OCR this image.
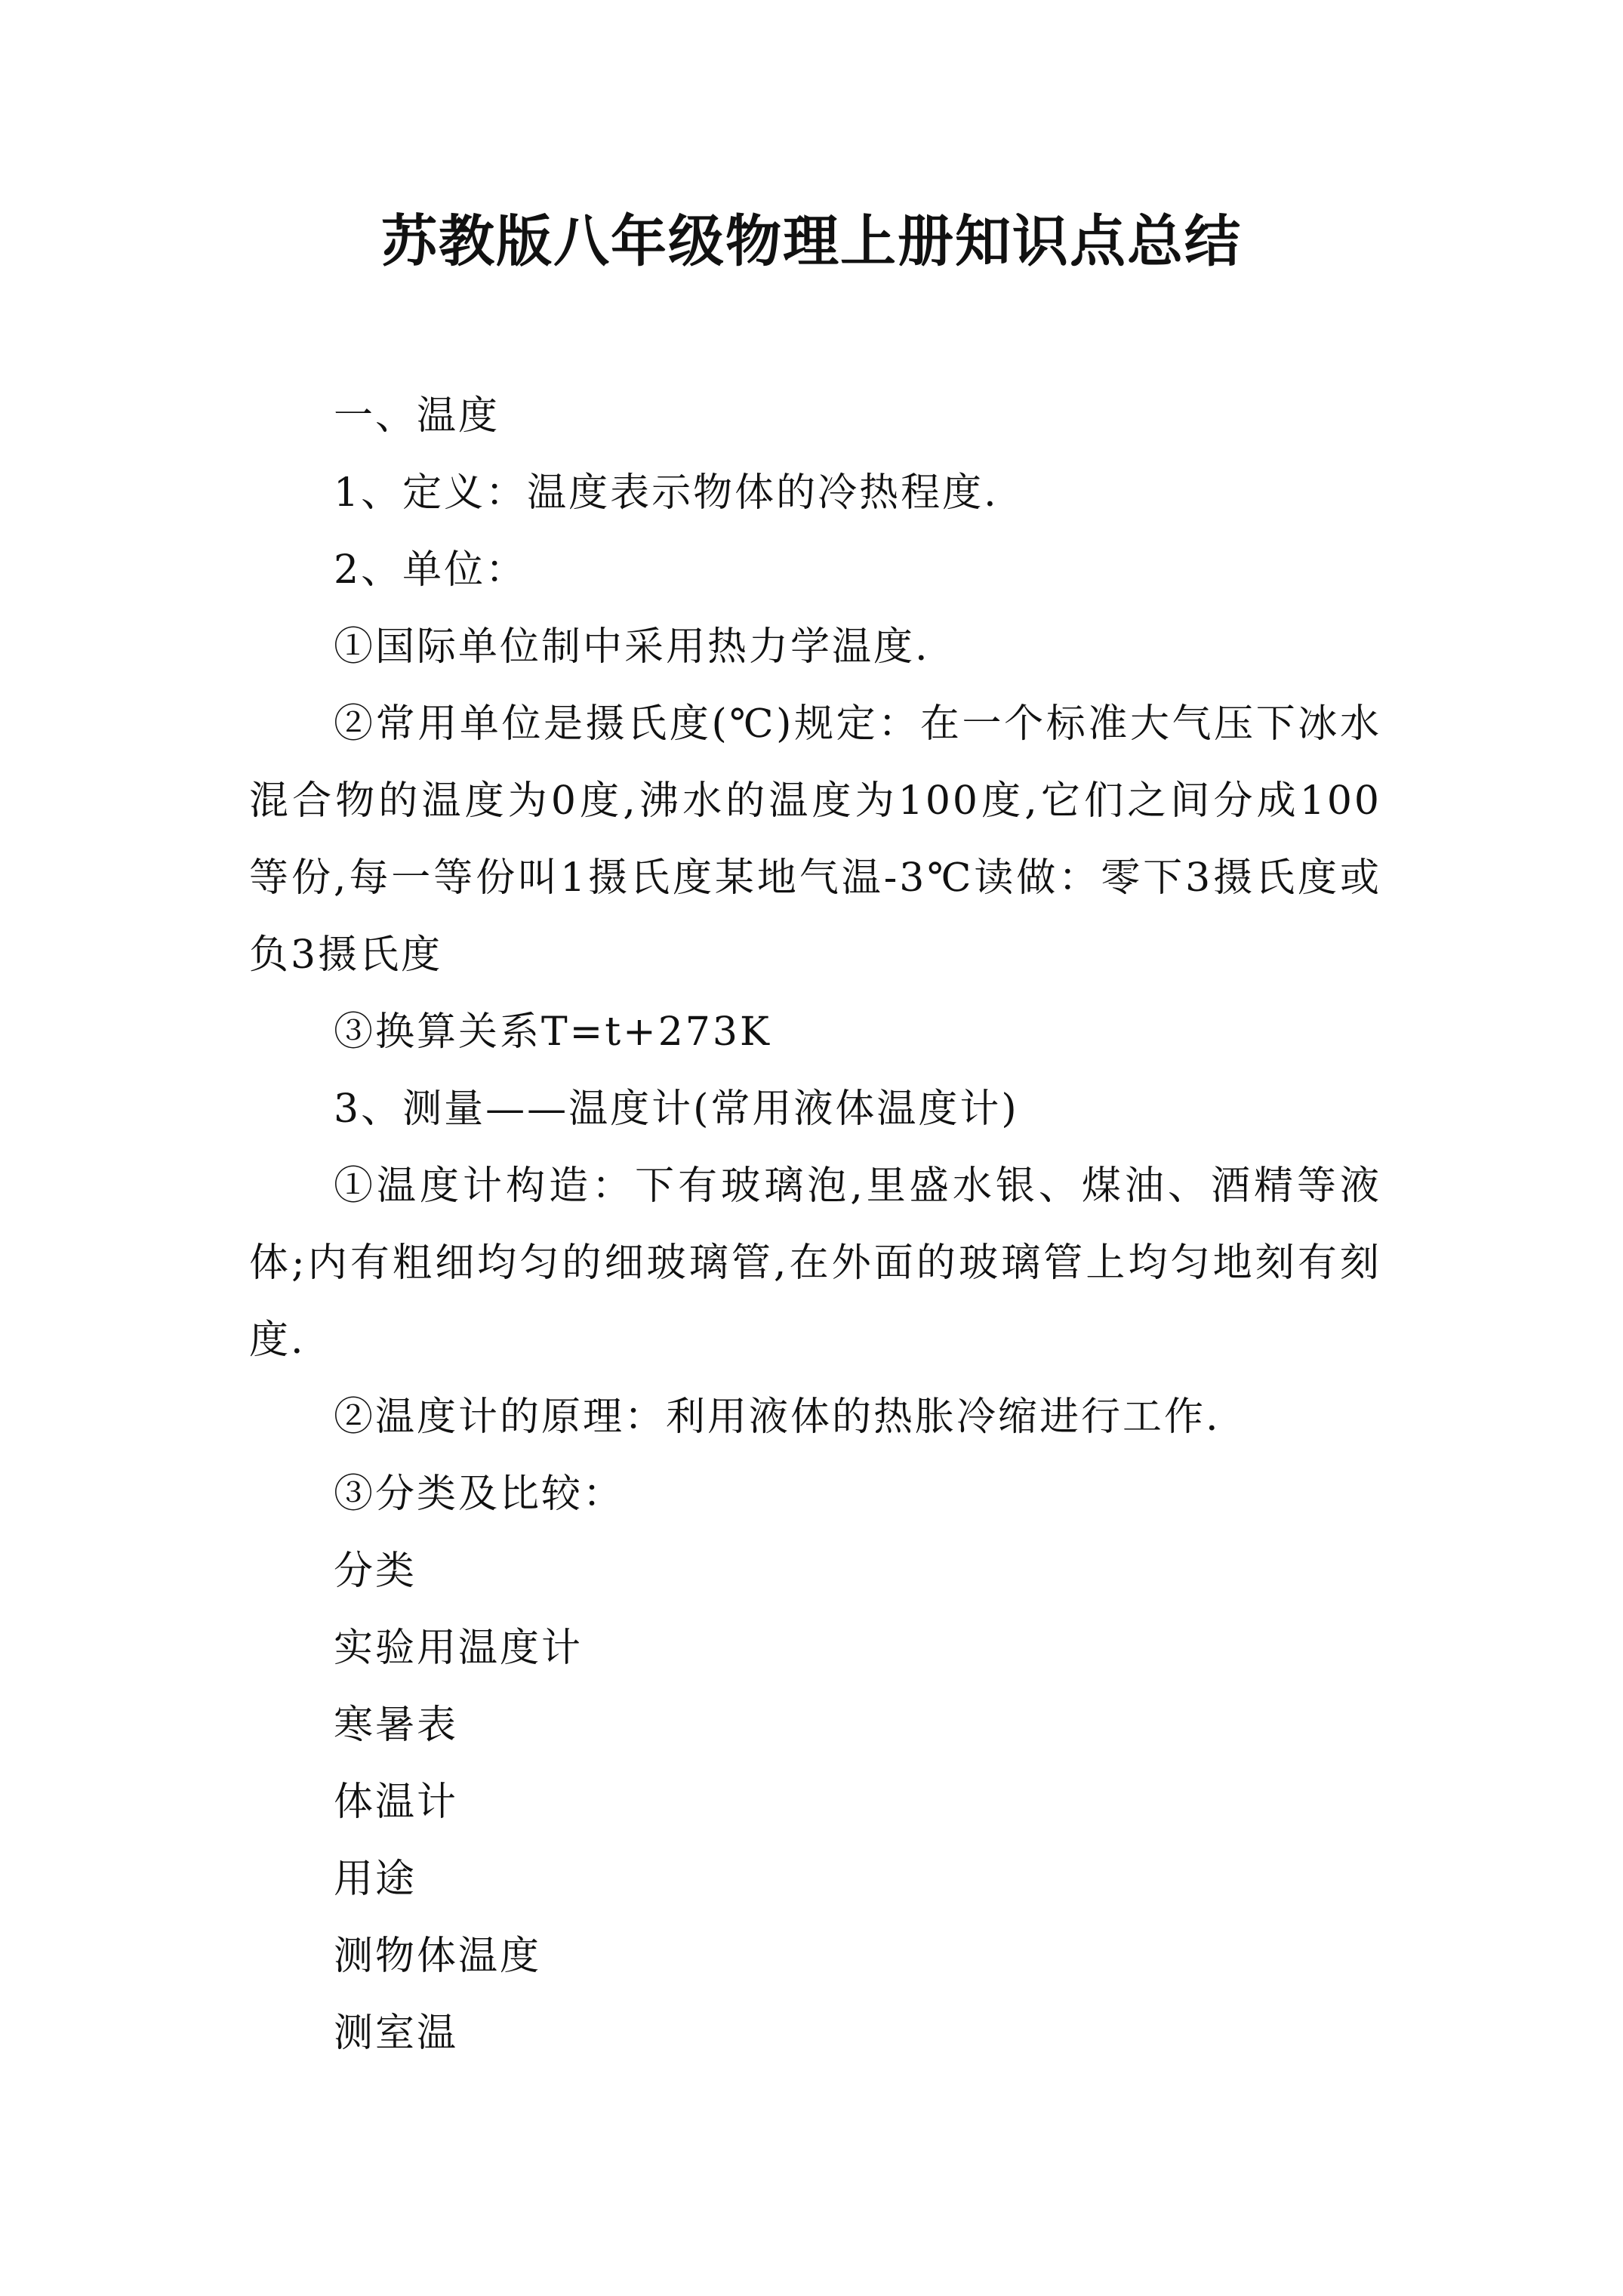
苏教版八年级物理上册知识点总结

一、温度

1、定义：温度表示物体的冷热程度.

2、单位：

①国际单位制中采用热力学温度.

②常用单位是摄氏度(℃)规定：在一个标准大气压下冰水混合物的温度为0度,沸水的温度为100度,它们之间分成100等份,每一等份叫1摄氏度某地气温-3℃读做：零下3摄氏度或负3摄氏度

③换算关系T=t+273K

3、测量——温度计(常用液体温度计)

①温度计构造：下有玻璃泡,里盛水银、煤油、酒精等液体;内有粗细均匀的细玻璃管,在外面的玻璃管上均匀地刻有刻度.

②温度计的原理：利用液体的热胀冷缩进行工作.

③分类及比较：

分类

实验用温度计

寒暑表

体温计

用途

测物体温度

测室温
